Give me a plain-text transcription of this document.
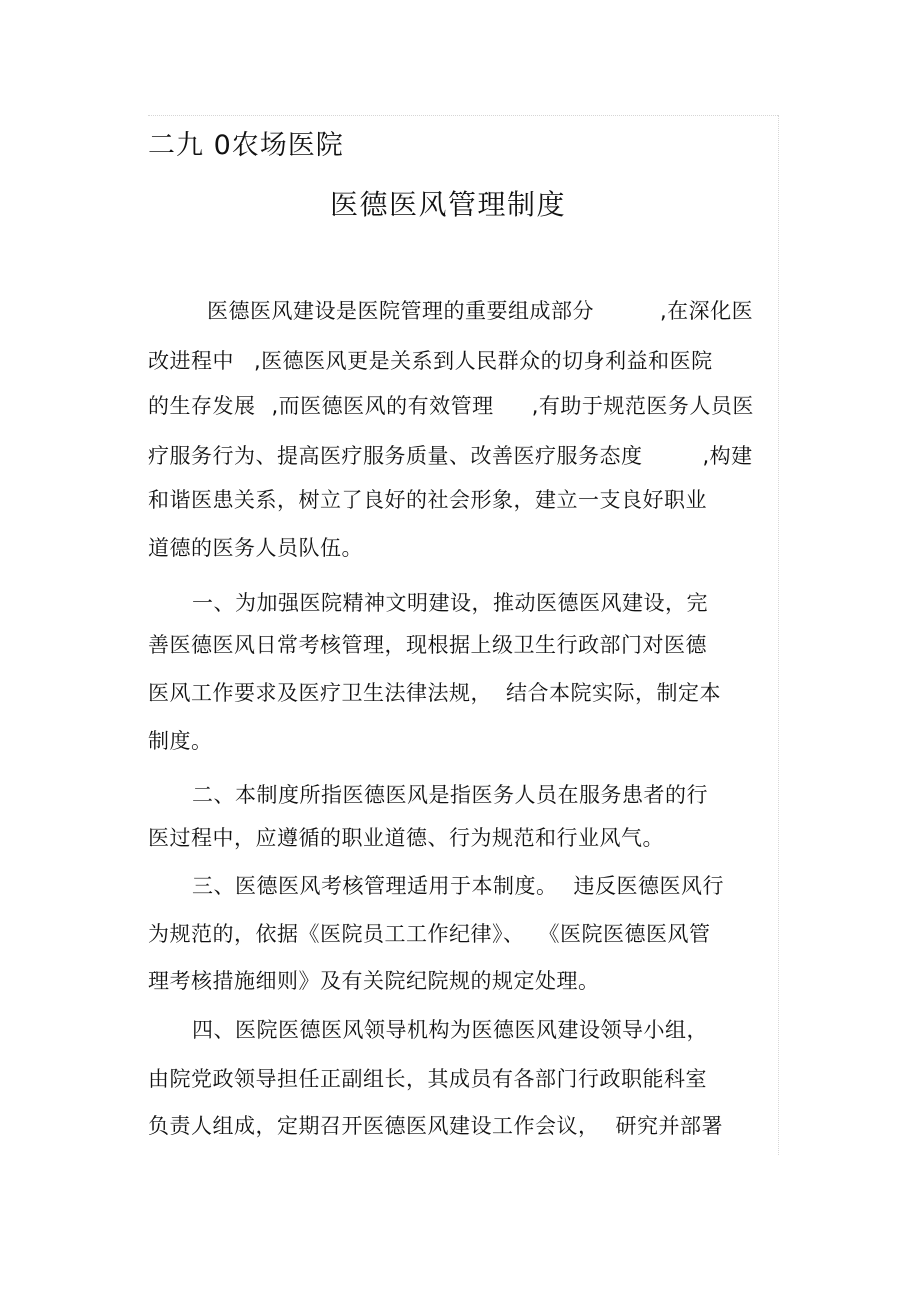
二九 0农场医院
医德医风管理制度
医德医风建设是医院管理的重要组成部分	,在深化医
改进程中 ,医德医风更是关系到人民群众的切身利益和医院
的生存发展 ,而医德医风的有效管理 ,有助于规范医务人员医
疗服务行为、提高医疗服务质量、改善医疗服务态度	,构建
和谐医患关系，树立了良好的社会形象，建立一支良好职业
道德的医务人员队伍。
一、为加强医院精神文明建设，推动医德医风建设，完
善医德医风日常考核管理，现根据上级卫生行政部门对医德
医风工作要求及医疗卫生法律法规， 结合本院实际，制定本
制度。
二、本制度所指医德医风是指医务人员在服务患者的行
医过程中，应遵循的职业道德、行为规范和行业风气。
三、医德医风考核管理适用于本制度。 违反医德医风行
为规范的，依据《医院员工工作纪律》、 《医院医德医风管
理考核措施细则》及有关院纪院规的规定处理。
四、医院医德医风领导机构为医德医风建设领导小组，
由院党政领导担任正副组长，其成员有各部门行政职能科室
负责人组成，定期召开医德医风建设工作会议， 研究并部署
